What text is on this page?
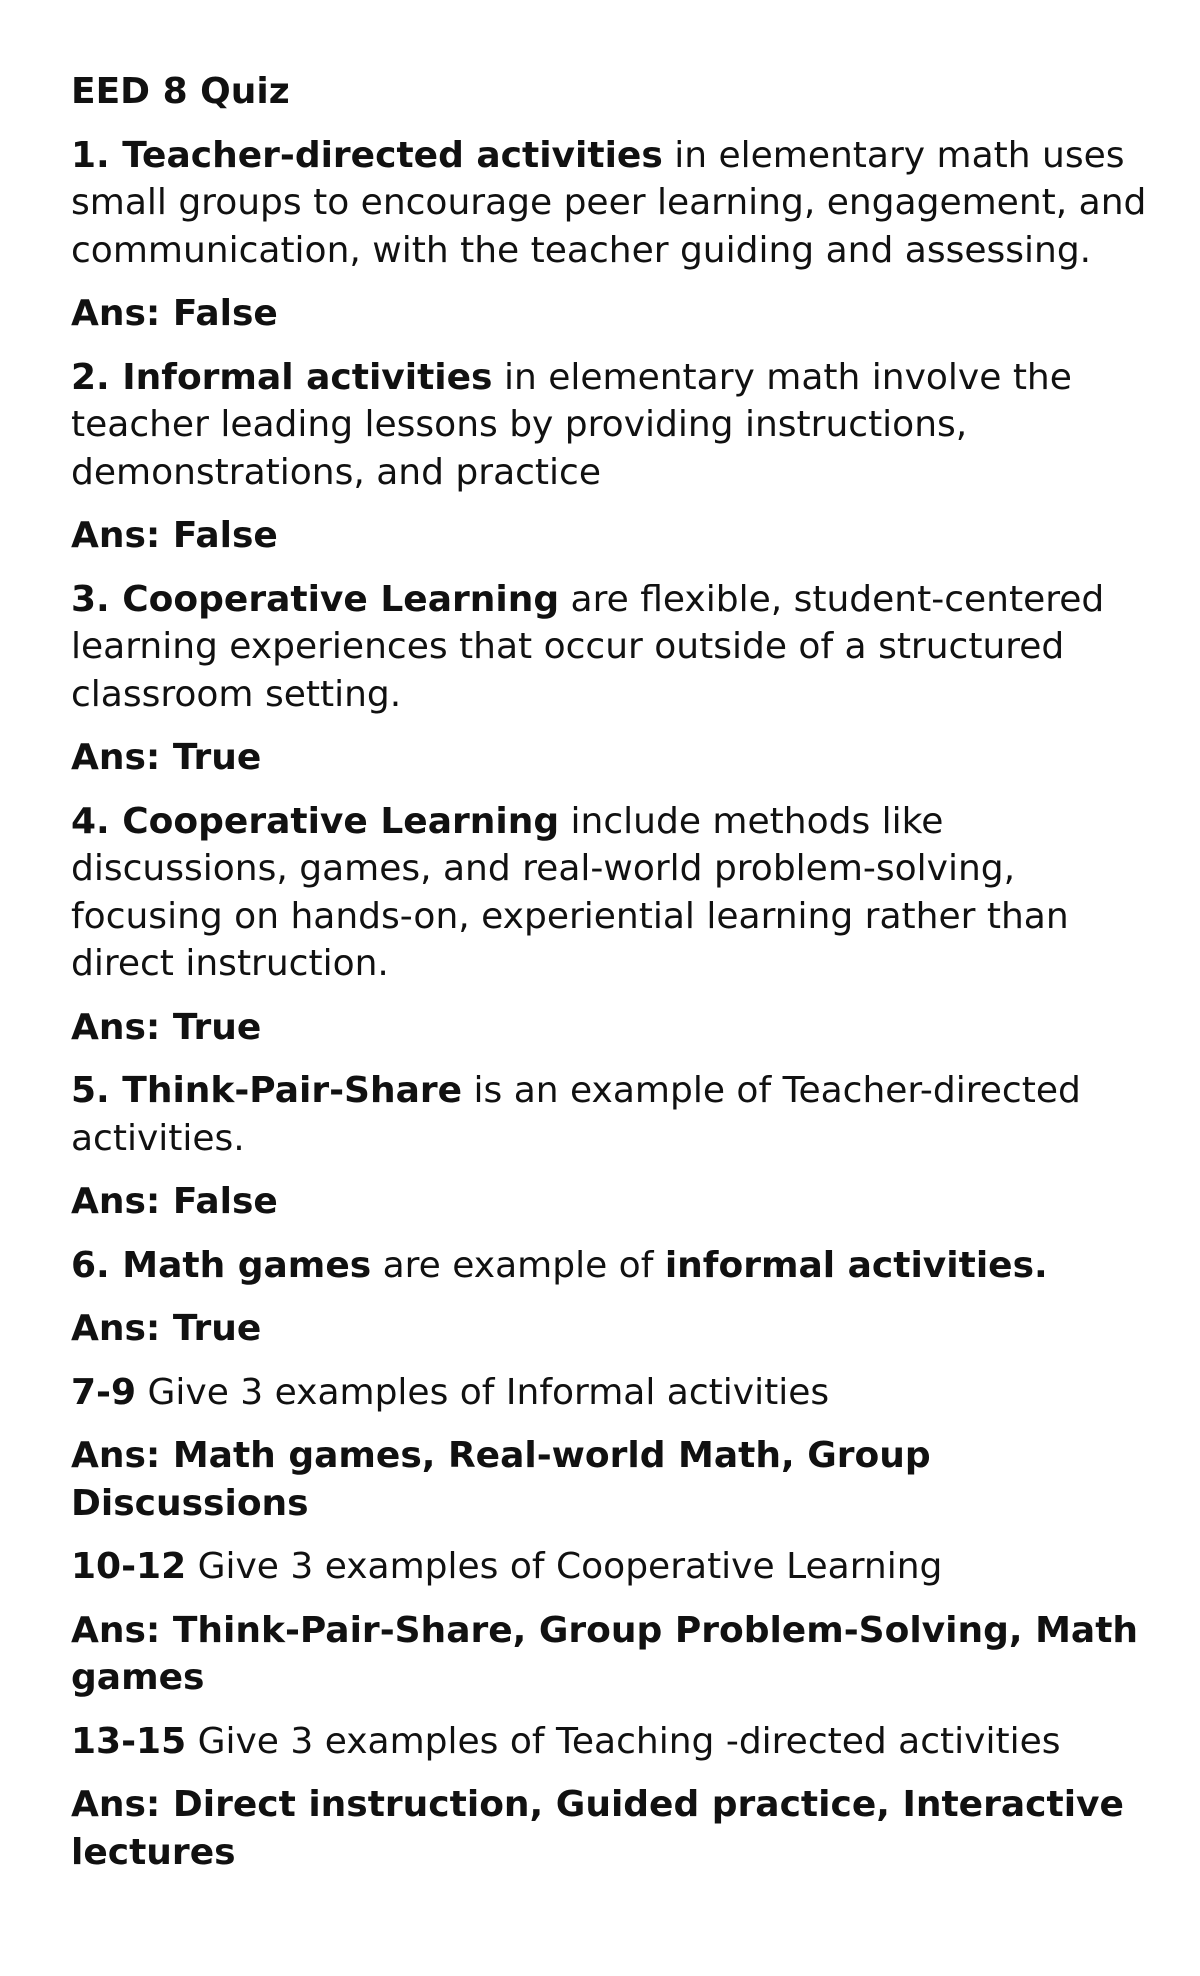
EED 8 Quiz

1. Teacher-directed activities in elementary math uses small groups to encourage peer learning, engagement, and communication, with the teacher guiding and assessing.

Ans: False

2. Informal activities in elementary math involve the teacher leading lessons by providing instructions, demonstrations, and practice

Ans: False

3. Cooperative Learning are flexible, student-centered learning experiences that occur outside of a structured classroom setting.

Ans: True

4. Cooperative Learning include methods like discussions, games, and real-world problem-solving, focusing on hands-on, experiential learning rather than direct instruction.

Ans: True

5. Think-Pair-Share is an example of Teacher-directed activities.

Ans: False

6. Math games are example of informal activities.

Ans: True

7-9 Give 3 examples of Informal activities

Ans: Math games, Real-world Math, Group Discussions

10-12 Give 3 examples of Cooperative Learning

Ans: Think-Pair-Share, Group Problem-Solving, Math games

13-15 Give 3 examples of Teaching -directed activities

Ans: Direct instruction, Guided practice, Interactive lectures
